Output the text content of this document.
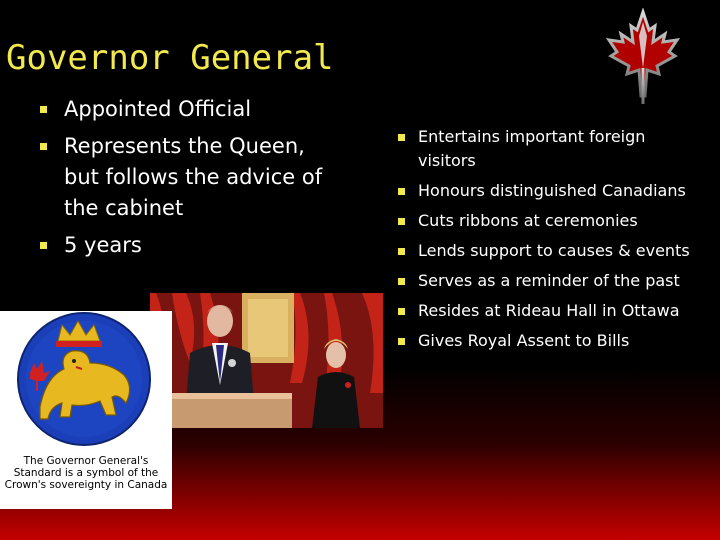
Governor General
Appointed Official
Represents the Queen, but follows the advice of the cabinet
5 years
Entertains important foreign visitors
Honours distinguished Canadians
Cuts ribbons at ceremonies
Lends support to causes & events
Serves as a reminder of the past
Resides at Rideau Hall in Ottawa
Gives Royal Assent to Bills
The Governor General's Standard is a symbol of the Crown's sovereignty in Canada
